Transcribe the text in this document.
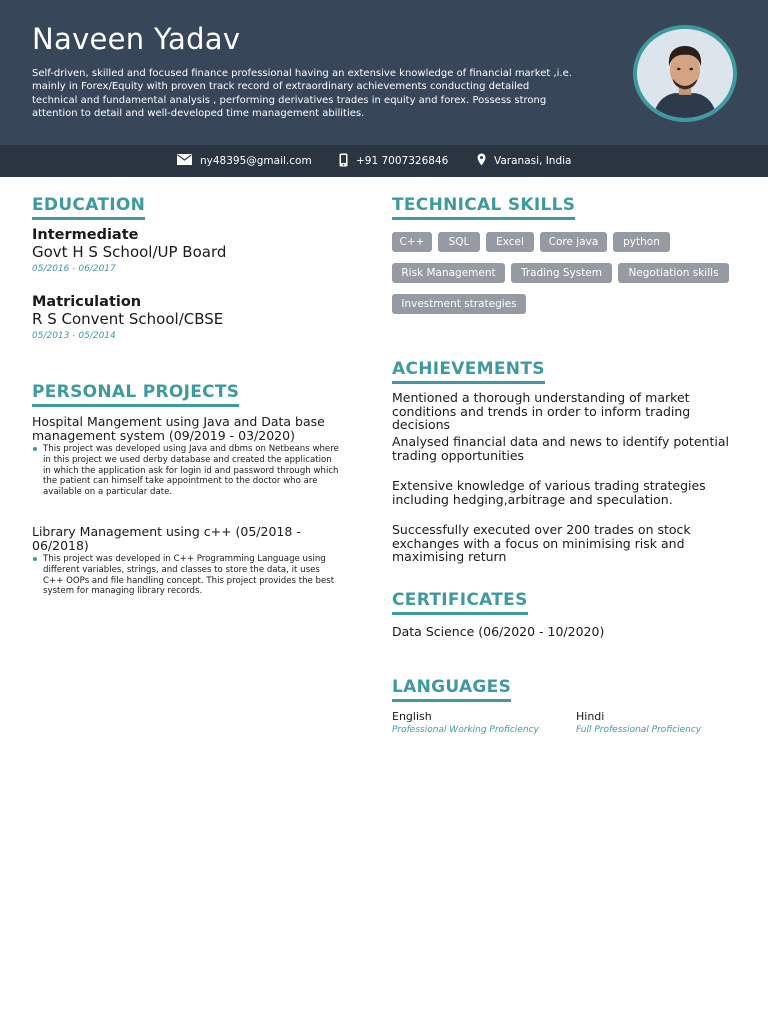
Naveen Yadav
Self-driven, skilled and focused finance professional having an extensive knowledge of financial market ,i.e. mainly in Forex/Equity with proven track record of extraordinary achievements conducting detailed technical and fundamental analysis , performing derivatives trades in equity and forex. Possess strong attention to detail and well-developed time management abilities.
ny48395@gmail.com	+91 7007326846	Varanasi, India
EDUCATION
Intermediate
Govt H S School/UP Board
05/2016 - 06/2017
Matriculation
R S Convent School/CBSE
05/2013 - 05/2014
PERSONAL PROJECTS
Hospital Mangement using Java and Data base management system (09/2019 - 03/2020)
This project was developed using Java and dbms on Netbeans where in this project we used derby database and created the application in which the application ask for login id and password through which the patient can himself take appointment to the doctor who are available on a particular date.
Library Management using c++ (05/2018 - 06/2018)
This project was developed in C++ Programming Language using different variables, strings, and classes to store the data, it uses C++ OOPs and file handling concept. This project provides the best system for managing library records.
TECHNICAL SKILLS
C++	SQL	Excel	Core java	python
Risk Management	Trading System	Negotiation skills
Investment strategies
ACHIEVEMENTS
Mentioned a thorough understanding of market conditions and trends in order to inform trading decisions
Analysed financial data and news to identify potential trading opportunities
Extensive knowledge of various trading strategies including hedging,arbitrage and speculation.
Successfully executed over 200 trades on stock exchanges with a focus on minimising risk and maximising return
CERTIFICATES
Data Science (06/2020 - 10/2020)
LANGUAGES
English
Professional Working Proficiency
Hindi
Full Professional Proficiency
